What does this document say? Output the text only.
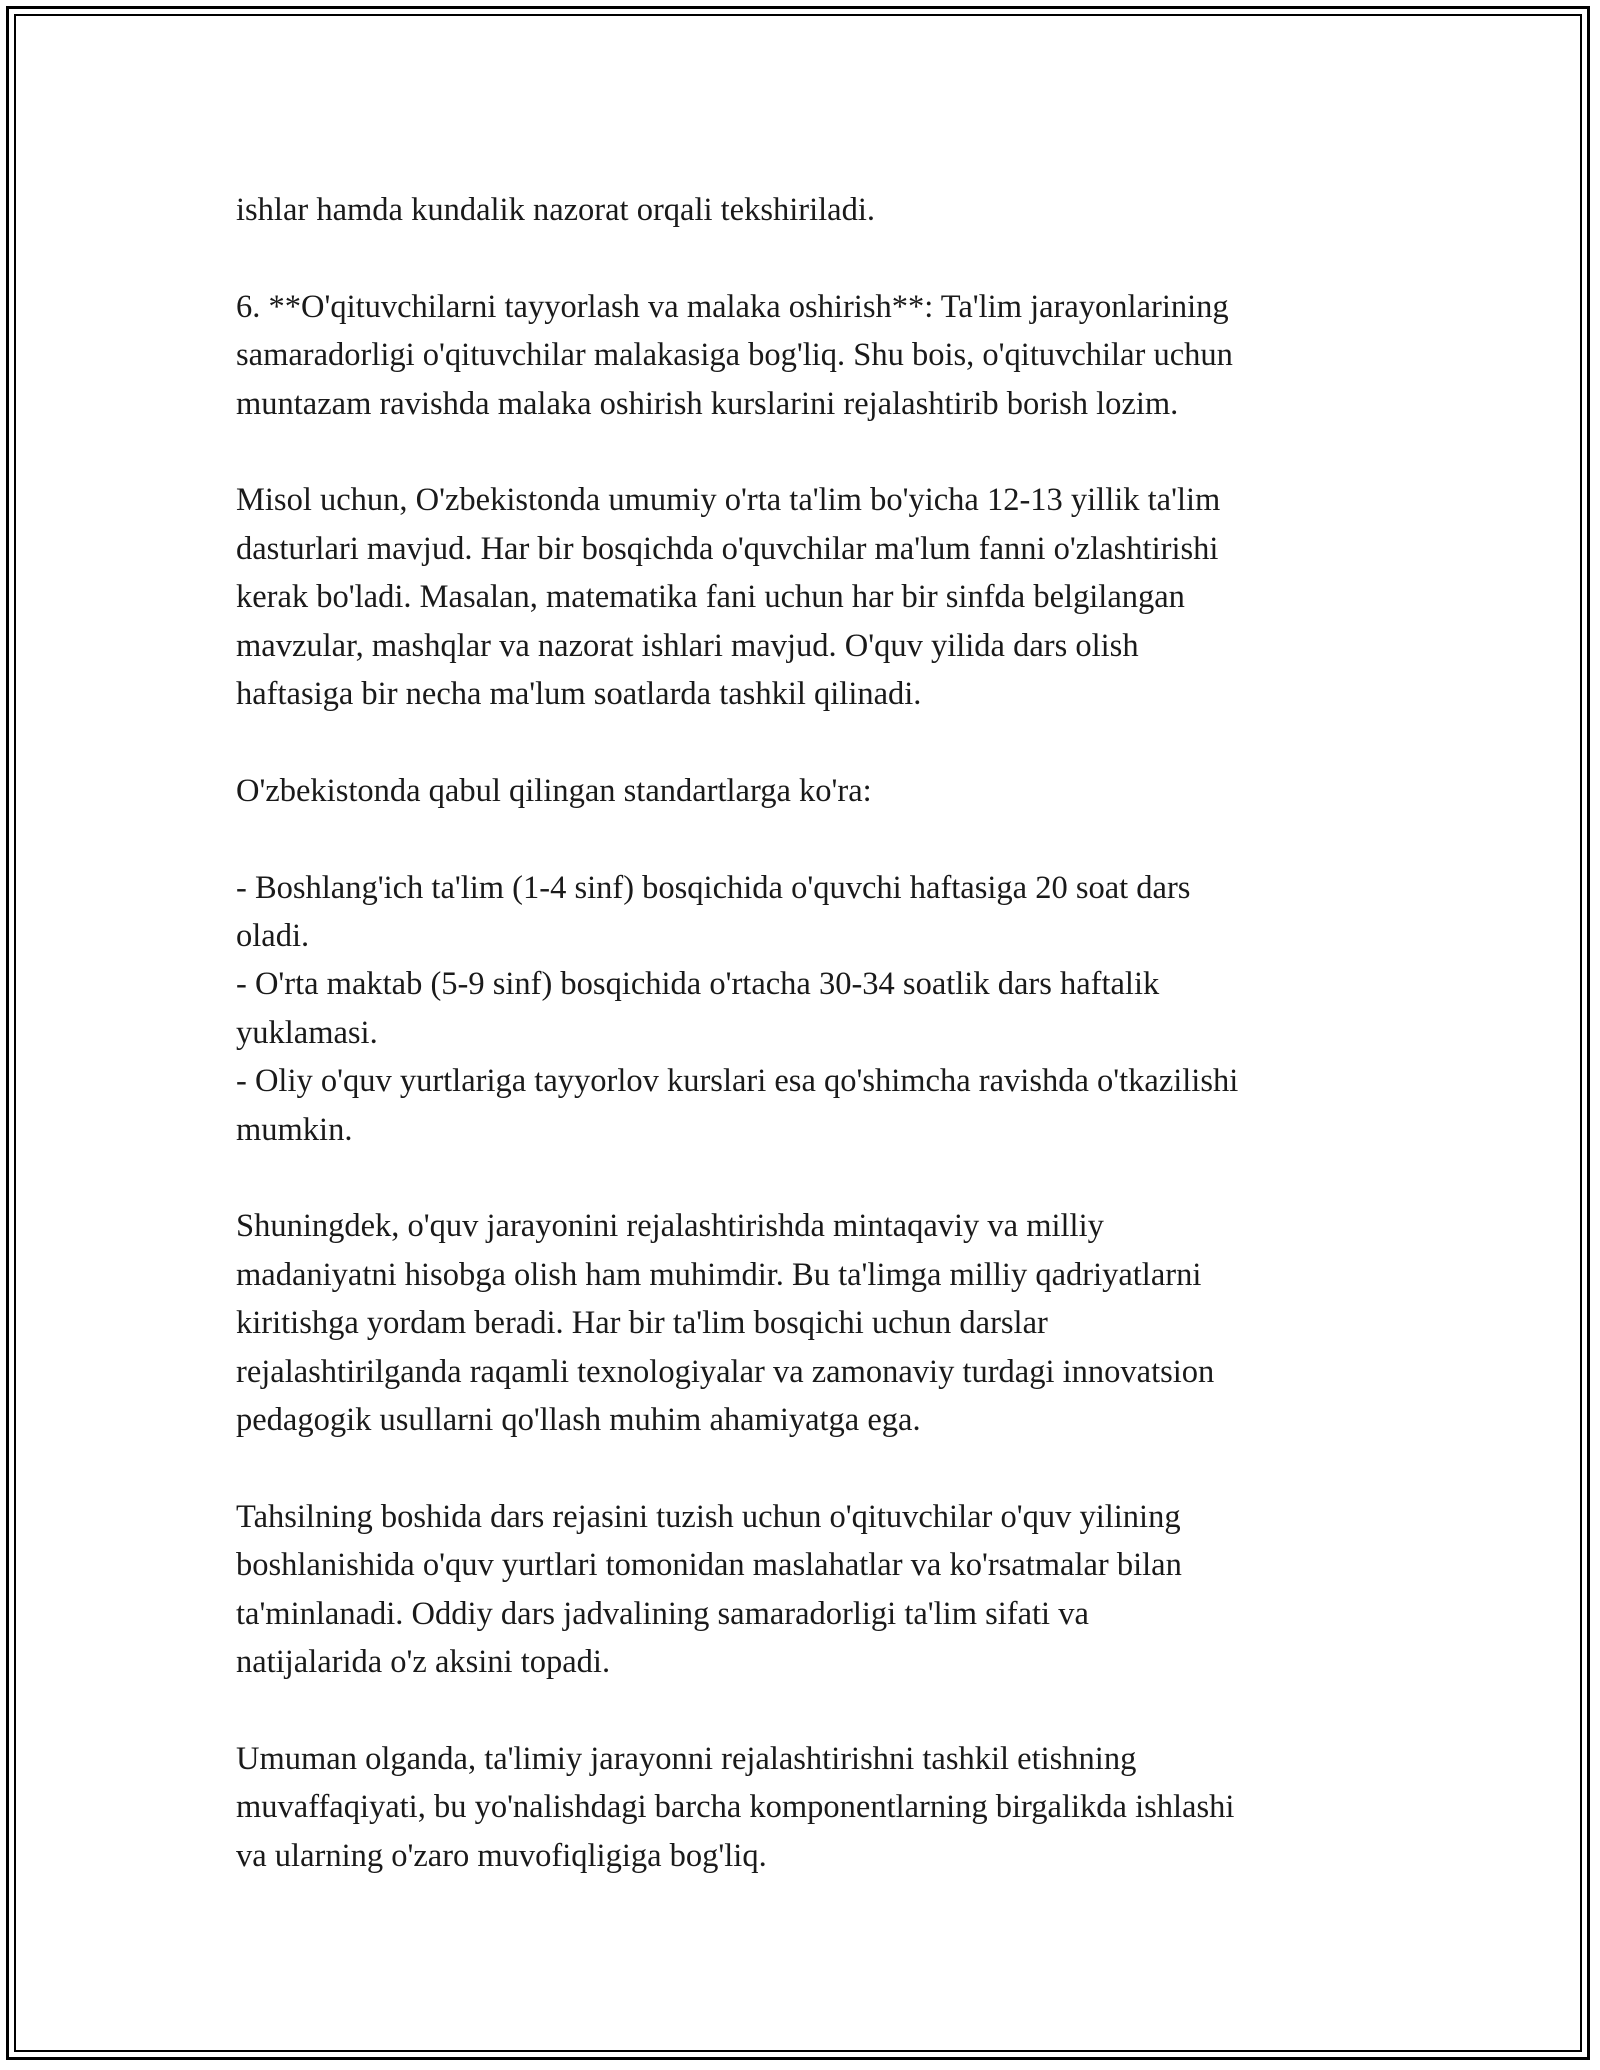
ishlar hamda kundalik nazorat orqali tekshiriladi.

6. **O'qituvchilarni tayyorlash va malaka oshirish**: Ta'lim jarayonlarining
samaradorligi o'qituvchilar malakasiga bog'liq. Shu bois, o'qituvchilar uchun
muntazam ravishda malaka oshirish kurslarini rejalashtirib borish lozim.

Misol uchun, O'zbekistonda umumiy o'rta ta'lim bo'yicha 12-13 yillik ta'lim
dasturlari mavjud. Har bir bosqichda o'quvchilar ma'lum fanni o'zlashtirishi
kerak bo'ladi. Masalan, matematika fani uchun har bir sinfda belgilangan
mavzular, mashqlar va nazorat ishlari mavjud. O'quv yilida dars olish
haftasiga bir necha ma'lum soatlarda tashkil qilinadi.

O'zbekistonda qabul qilingan standartlarga ko'ra:

- Boshlang'ich ta'lim (1-4 sinf) bosqichida o'quvchi haftasiga 20 soat dars
oladi.
- O'rta maktab (5-9 sinf) bosqichida o'rtacha 30-34 soatlik dars haftalik
yuklamasi.
- Oliy o'quv yurtlariga tayyorlov kurslari esa qo'shimcha ravishda o'tkazilishi
mumkin.

Shuningdek, o'quv jarayonini rejalashtirishda mintaqaviy va milliy
madaniyatni hisobga olish ham muhimdir. Bu ta'limga milliy qadriyatlarni
kiritishga yordam beradi. Har bir ta'lim bosqichi uchun darslar
rejalashtirilganda raqamli texnologiyalar va zamonaviy turdagi innovatsion
pedagogik usullarni qo'llash muhim ahamiyatga ega.

Tahsilning boshida dars rejasini tuzish uchun o'qituvchilar o'quv yilining
boshlanishida o'quv yurtlari tomonidan maslahatlar va ko'rsatmalar bilan
ta'minlanadi. Oddiy dars jadvalining samaradorligi ta'lim sifati va
natijalarida o'z aksini topadi.

Umuman olganda, ta'limiy jarayonni rejalashtirishni tashkil etishning
muvaffaqiyati, bu yo'nalishdagi barcha komponentlarning birgalikda ishlashi
va ularning o'zaro muvofiqligiga bog'liq.
